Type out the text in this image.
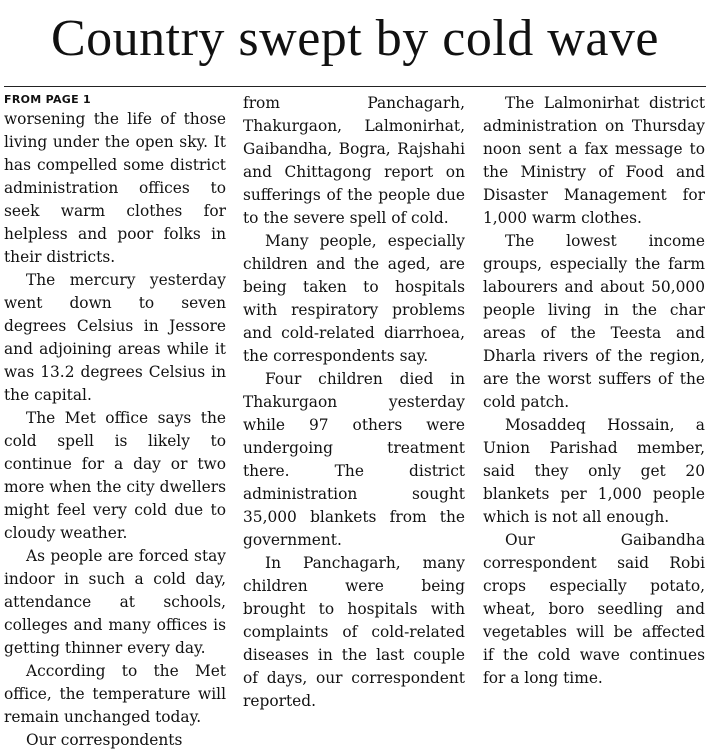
Country swept by cold wave
FROM PAGE 1

worsening the life of those living under the open sky. It has compelled some district administration offices to seek warm clothes for helpless and poor folks in their districts.

The mercury yesterday went down to seven degrees Celsius in Jessore and adjoining areas while it was 13.2 degrees Celsius in the capital.

The Met office says the cold spell is likely to continue for a day or two more when the city dwellers might feel very cold due to cloudy weather.

As people are forced stay indoor in such a cold day, attendance at schools, colleges and many offices is getting thinner every day.

According to the Met office, the temperature will remain unchanged today.

Our correspondents

from Panchagarh, Thakurgaon, Lalmonirhat, Gaibandha, Bogra, Rajshahi and Chittagong report on sufferings of the people due to the severe spell of cold.

Many people, especially children and the aged, are being taken to hospitals with respiratory problems and cold-related diarrhoea, the correspondents say.

Four children died in Thakurgaon yesterday while 97 others were undergoing treatment there. The district administration sought 35,000 blankets from the government.

In Panchagarh, many children were being brought to hospitals with complaints of cold-related diseases in the last couple of days, our correspondent reported.

The Lalmonirhat district administration on Thursday noon sent a fax message to the Ministry of Food and Disaster Management for 1,000 warm clothes.

The lowest income groups, especially the farm labourers and about 50,000 people living in the char areas of the Teesta and Dharla rivers of the region, are the worst suffers of the cold patch.

Mosaddeq Hossain, a Union Parishad member, said they only get 20 blankets per 1,000 people which is not all enough.

Our Gaibandha correspondent said Robi crops especially potato, wheat, boro seedling and vegetables will be affected if the cold wave continues for a long time.
